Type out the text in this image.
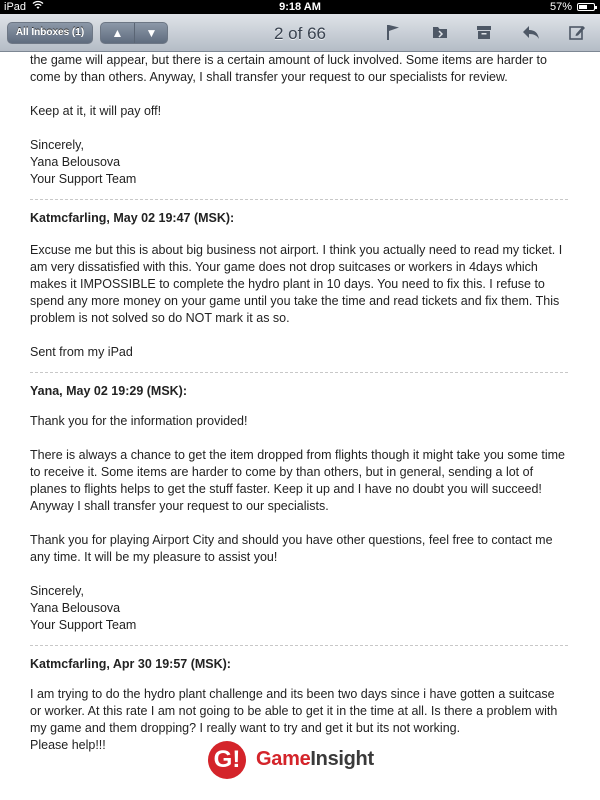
iPad	9:18 AM	57%
All Inboxes (1)	▲	▼	2 of 66

the game will appear, but there is a certain amount of luck involved. Some items are harder to come by than others. Anyway, I shall transfer your request to our specialists for review.

Keep at it, it will pay off!

Sincerely,

Yana Belousova

Your Support Team

Katmcfarling, May 02 19:47 (MSK):

Excuse me but this is about big business not airport. I think you actually need to read my ticket. I am very dissatisfied with this. Your game does not drop suitcases or workers in 4days which makes it IMPOSSIBLE to complete the hydro plant in 10 days. You need to fix this. I refuse to spend any more money on your game until you take the time and read tickets and fix them. This problem is not solved so do NOT mark it as so.

Sent from my iPad

Yana, May 02 19:29 (MSK):

Thank you for the information provided!

There is always a chance to get the item dropped from flights though it might take you some time to receive it. Some items are harder to come by than others, but in general, sending a lot of planes to flights helps to get the stuff faster. Keep it up and I have no doubt you will succeed! Anyway I shall transfer your request to our specialists.

Thank you for playing Airport City and should you have other questions, feel free to contact me any time. It will be my pleasure to assist you!

Sincerely,

Yana Belousova

Your Support Team

Katmcfarling, Apr 30 19:57 (MSK):

I am trying to do the hydro plant challenge and its been two days since i have gotten a suitcase or worker. At this rate I am not going to be able to get it in the time at all. Is there a problem with my game and them dropping? I really want to try and get it but its not working.

Please help!!!

G! GameInsight
